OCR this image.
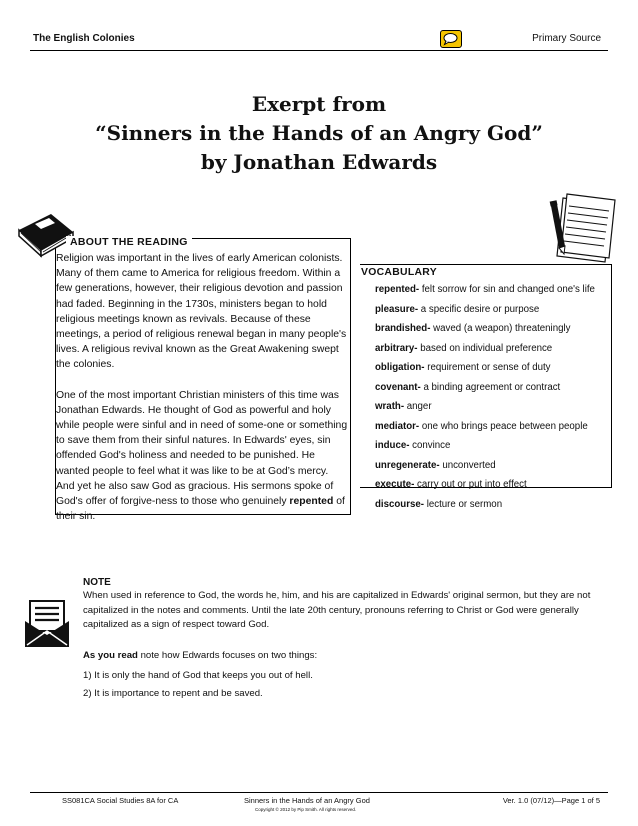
The English Colonies	Primary Source
Exerpt from
“Sinners in the Hands of an Angry God”
by Jonathan Edwards
ABOUT THE READING

Religion was important in the lives of early American colonists. Many of them came to America for religious freedom. Within a few generations, however, their religious devotion and passion had faded. Beginning in the 1730s, ministers began to hold religious meetings known as revivals. Because of these meetings, a period of religious renewal began in many people's lives. A religious revival known as the Great Awakening swept the colonies.

One of the most important Christian ministers of this time was Jonathan Edwards. He thought of God as powerful and holy while people were sinful and in need of some-one or something to save them from their sinful natures. In Edwards' eyes, sin offended God's holiness and needed to be punished. He wanted people to feel what it was like to be at God’s mercy. And yet he also saw God as gracious. His sermons spoke of God's offer of forgive-ness to those who genuinely repented of their sin.

VOCABULARY
repented- felt sorrow for sin and changed one's life
pleasure- a specific desire or purpose
brandished- waved (a weapon) threateningly
arbitrary- based on individual preference
obligation- requirement or sense of duty
covenant- a binding agreement or contract
wrath- anger
mediator- one who brings peace between people
induce- convince
unregenerate- unconverted
execute- carry out or put into effect
discourse- lecture or sermon
NOTE
When used in reference to God, the words he, him, and his are capitalized in Edwards' original sermon, but they are not capitalized in the notes and comments. Until the late 20th century, pronouns referring to Christ or God were generally capitalized as a sign of respect toward God.
As you read note how Edwards focuses on two things:
1) It is only the hand of God that keeps you out of hell.
2) It is importance to repent and be saved.
SS081CA Social Studies 8A for CA	Sinners in the Hands of an Angry God
Copyright © 2012 by Pip Smith. All rights reserved.
Ver. 1.0 (07/12)—Page 1 of 5
